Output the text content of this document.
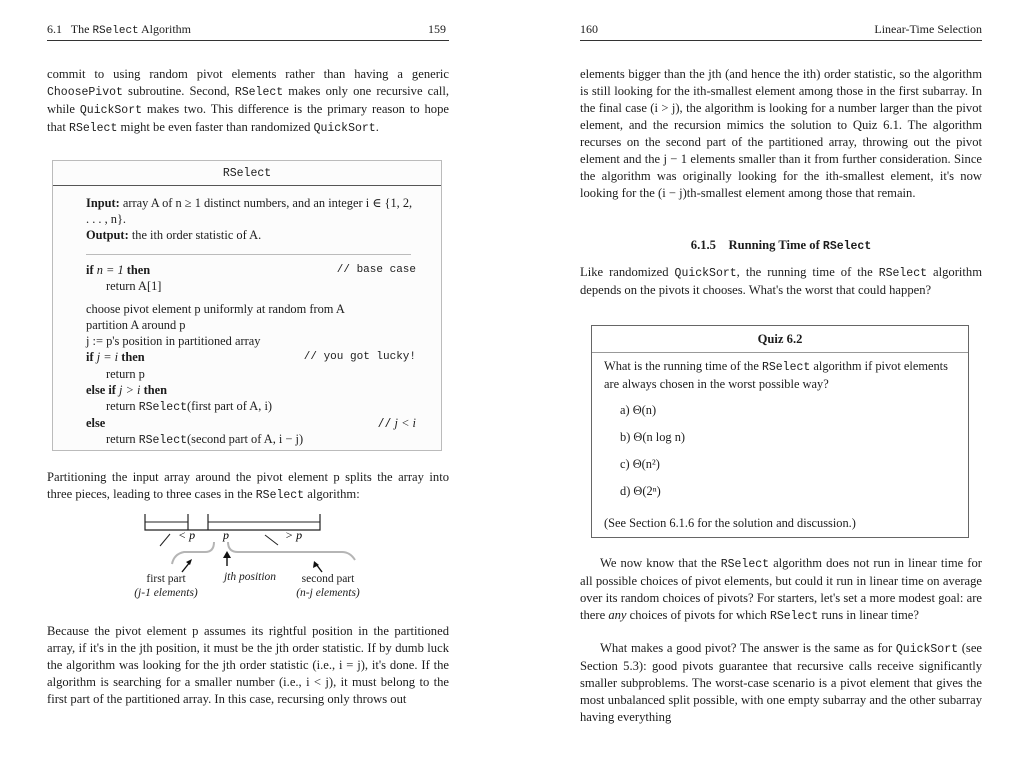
6.1 The RSelect Algorithm	159

commit to using random pivot elements rather than having a generic ChoosePivot subroutine. Second, RSelect makes only one recursive call, while QuickSort makes two. This difference is the primary reason to hope that RSelect might be even faster than randomized QuickSort.

RSelect
Input: array A of n ≥ 1 distinct numbers, and an integer i ∈ {1, 2, . . . , n}.
Output: the ith order statistic of A.
if n = 1 then	// base case
return A[1]
choose pivot element p uniformly at random from A
partition A around p
j := p's position in partitioned array
if j = i then	// you got lucky!
return p
else if j > i then
return RSelect(first part of A, i)
else	// j < i
return RSelect(second part of A, i − j)

Partitioning the input array around the pivot element p splits the array into three pieces, leading to three cases in the RSelect algorithm:

< p p	> p
first part
(j-1 elements)
jth position	second part
(n-j elements)

Because the pivot element p assumes its rightful position in the partitioned array, if it's in the jth position, it must be the jth order statistic. If by dumb luck the algorithm was looking for the jth order statistic (i.e., i = j), it's done. If the algorithm is searching for a smaller number (i.e., i < j), it must belong to the first part of the partitioned array. In this case, recursing only throws out

160	Linear-Time Selection

elements bigger than the jth (and hence the ith) order statistic, so the algorithm is still looking for the ith-smallest element among those in the first subarray. In the final case (i > j), the algorithm is looking for a number larger than the pivot element, and the recursion mimics the solution to Quiz 6.1. The algorithm recurses on the second part of the partitioned array, throwing out the pivot element and the j − 1 elements smaller than it from further consideration. Since the algorithm was originally looking for the ith-smallest element, it's now looking for the (i − j)th-smallest element among those that remain.

6.1.5 Running Time of RSelect

Like randomized QuickSort, the running time of the RSelect algorithm depends on the pivots it chooses. What's the worst that could happen?

Quiz 6.2
What is the running time of the RSelect algorithm if pivot elements are always chosen in the worst possible way?
a) Θ(n)
b) Θ(n log n)
c) Θ(n²)
d) Θ(2ⁿ)
(See Section 6.1.6 for the solution and discussion.)

We now know that the RSelect algorithm does not run in linear time for all possible choices of pivot elements, but could it run in linear time on average over its random choices of pivots? For starters, let's set a more modest goal: are there any choices of pivots for which RSelect runs in linear time?

What makes a good pivot? The answer is the same as for QuickSort (see Section 5.3): good pivots guarantee that recursive calls receive significantly smaller subproblems. The worst-case scenario is a pivot element that gives the most unbalanced split possible, with one empty subarray and the other subarray having everything
